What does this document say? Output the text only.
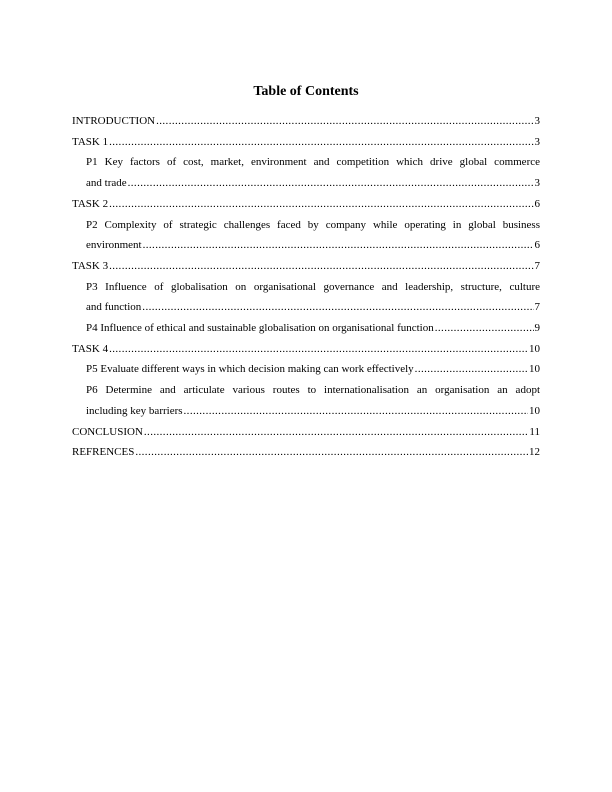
Table of Contents
INTRODUCTION .....	3
TASK 1 .....	3
P1 Key factors of cost, market, environment and competition which drive global commerce
and trade .....	3
TASK 2 .....	6
P2 Complexity of strategic challenges faced by company while operating in global business
environment .....	6
TASK 3 .....	7
P3 Influence of globalisation on organisational governance and leadership, structure, culture
and function .....	7
P4 Influence of ethical and sustainable globalisation on organisational function .....	9
TASK 4 .....	10
P5 Evaluate different ways in which decision making can work effectively .....	10
P6 Determine and articulate various routes to internationalisation an organisation an adopt
including key barriers .....	10
CONCLUSION .....	11
REFRENCES .....	12
